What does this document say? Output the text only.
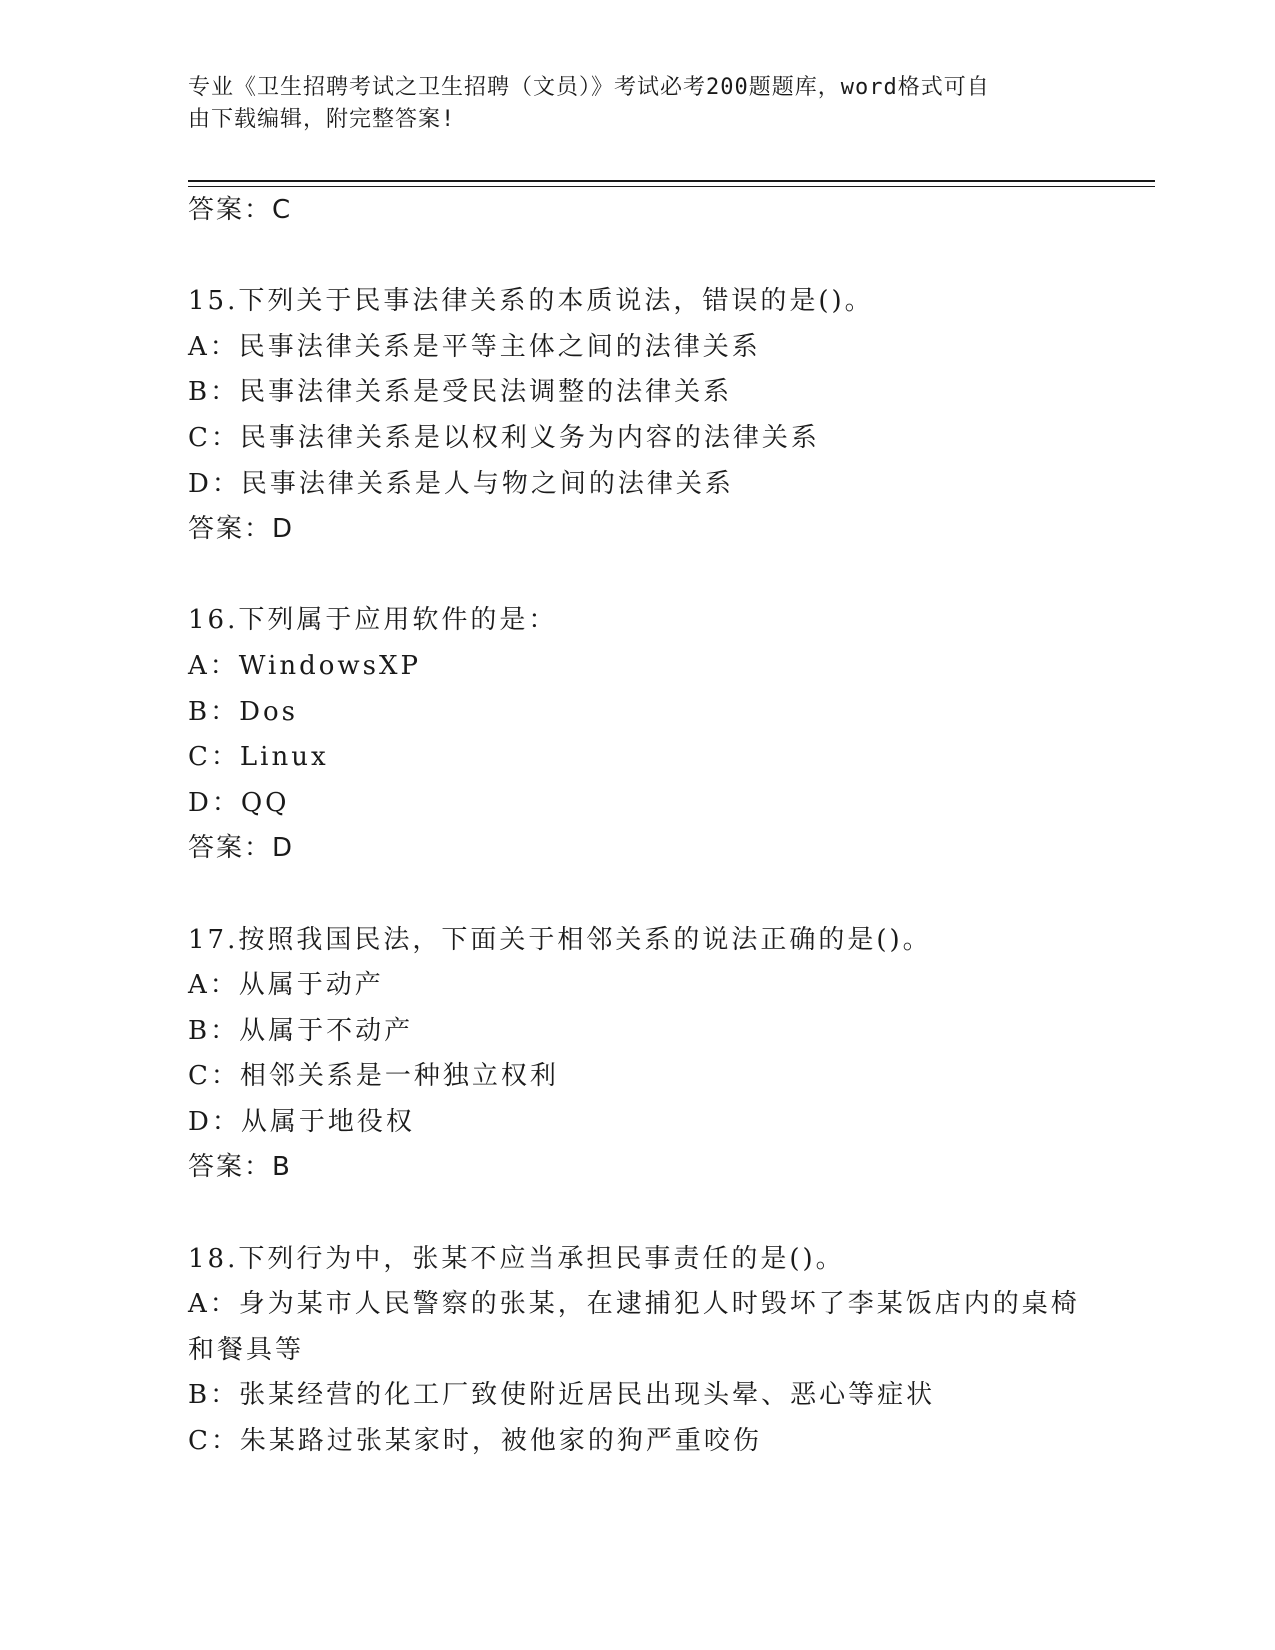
专业《卫生招聘考试之卫生招聘（文员）》考试必考200题题库，word格式可自
由下载编辑，附完整答案!
答案：C
15.下列关于民事法律关系的本质说法，错误的是()。
A：民事法律关系是平等主体之间的法律关系
B：民事法律关系是受民法调整的法律关系
C：民事法律关系是以权利义务为内容的法律关系
D：民事法律关系是人与物之间的法律关系
答案：D
16.下列属于应用软件的是：
A：WindowsXP
B：Dos
C：Linux
D：QQ
答案：D
17.按照我国民法，下面关于相邻关系的说法正确的是()。
A：从属于动产
B：从属于不动产
C：相邻关系是一种独立权利
D：从属于地役权
答案：B
18.下列行为中，张某不应当承担民事责任的是()。
A：身为某市人民警察的张某，在逮捕犯人时毁坏了李某饭店内的桌椅
和餐具等
B：张某经营的化工厂致使附近居民出现头晕、恶心等症状
C：朱某路过张某家时，被他家的狗严重咬伤
